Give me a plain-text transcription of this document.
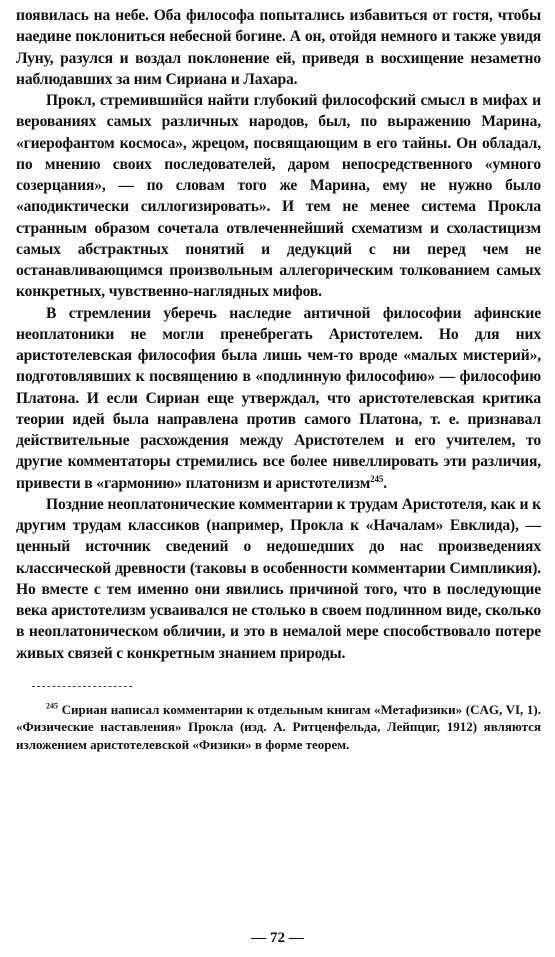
появилась на небе. Оба философа попытались избавиться от гостя, чтобы наедине поклониться небесной богине. А он, отойдя немного и также увидя Луну, разулся и воздал поклонение ей, приведя в восхищение незаметно наблюдавших за ним Сириана и Лахара.

Прокл, стремившийся найти глубокий философский смысл в мифах и верованиях самых различных народов, был, по выражению Марина, «гиерофантом космоса», жрецом, посвящающим в его тайны. Он обладал, по мнению своих последователей, даром непосредственного «умного созерцания», — по словам того же Марина, ему не нужно было «аподиктически силлогизировать». И тем не менее система Прокла странным образом сочетала отвлеченнейший схематизм и схоластицизм самых абстрактных понятий и дедукций с ни перед чем не останавливающимся произвольным аллегорическим толкованием самых конкретных, чувственно-наглядных мифов.

В стремлении уберечь наследие античной философии афинские неоплатоники не могли пренебрегать Аристотелем. Но для них аристотелевская философия была лишь чем-то вроде «малых мистерий», подготовлявших к посвящению в «подлинную философию» — философию Платона. И если Сириан еще утверждал, что аристотелевская критика теории идей была направлена против самого Платона, т. е. признавал действительные расхождения между Аристотелем и его учителем, то другие комментаторы стремились все более нивеллировать эти различия, привести в «гармонию» платонизм и аристотелизм$^{245}$.

Поздние неоплатонические комментарии к трудам Аристотеля, как и к другим трудам классиков (например, Прокла к «Началам» Евклида), — ценный источник сведений о недошедших до нас произведениях классической древности (таковы в особенности комментарии Симпликия). Но вместе с тем именно они явились причиной того, что в последующие века аристотелизм усваивался не столько в своем подлинном виде, сколько в неоплатоническом обличии, и это в немалой мере способствовало потере живых связей с конкретным знанием природы.

$^{245}$ Сириан написал комментарии к отдельным книгам «Метафизики» (CAG, VI, 1). «Физические наставления» Прокла (изд. А. Ритценфельда, Лейпциг, 1912) являются изложением аристотелевской «Физики» в форме теорем.

— 72 —
